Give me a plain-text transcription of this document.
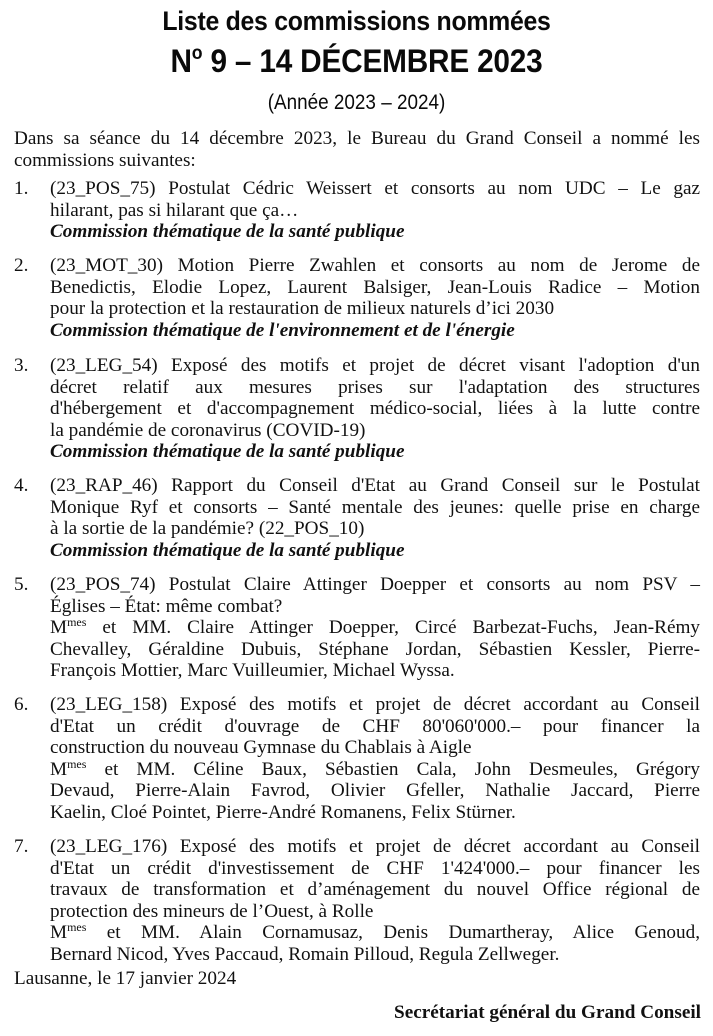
Liste des commissions nommées
$N^o$ 9 – 14 DÉCEMBRE 2023
(Année 2023 – 2024)
Dans sa séance du 14 décembre 2023, le Bureau du Grand Conseil a nommé les
commissions suivantes:
1.	(23_POS_75) Postulat Cédric Weissert et consorts au nom UDC – Le gaz
hilarant, pas si hilarant que ça…
Commission thématique de la santé publique
2.	(23_MOT_30) Motion Pierre Zwahlen et consorts au nom de Jerome de
Benedictis, Elodie Lopez, Laurent Balsiger, Jean-Louis Radice – Motion
pour la protection et la restauration de milieux naturels d’ici 2030
Commission thématique de l'environnement et de l'énergie
3.	(23_LEG_54) Exposé des motifs et projet de décret visant l'adoption d'un
décret relatif aux mesures prises sur l'adaptation des structures
d'hébergement et d'accompagnement médico-social, liées à la lutte contre
la pandémie de coronavirus (COVID-19)
Commission thématique de la santé publique
4.	(23_RAP_46) Rapport du Conseil d'Etat au Grand Conseil sur le Postulat
Monique Ryf et consorts – Santé mentale des jeunes: quelle prise en charge
à la sortie de la pandémie? (22_POS_10)
Commission thématique de la santé publique
5.	(23_POS_74) Postulat Claire Attinger Doepper et consorts au nom PSV –
Églises – État: même combat?
$M^{mes}$ et MM. Claire Attinger Doepper, Circé Barbezat-Fuchs, Jean-Rémy
Chevalley, Géraldine Dubuis, Stéphane Jordan, Sébastien Kessler, Pierre-
François Mottier, Marc Vuilleumier, Michael Wyssa.
6.	(23_LEG_158) Exposé des motifs et projet de décret accordant au Conseil
d'Etat un crédit d'ouvrage de CHF 80'060'000.– pour financer la
construction du nouveau Gymnase du Chablais à Aigle
$M^{mes}$ et MM. Céline Baux, Sébastien Cala, John Desmeules, Grégory
Devaud, Pierre-Alain Favrod, Olivier Gfeller, Nathalie Jaccard, Pierre
Kaelin, Cloé Pointet, Pierre-André Romanens, Felix Stürner.
7.	(23_LEG_176) Exposé des motifs et projet de décret accordant au Conseil
d'Etat un crédit d'investissement de CHF 1'424'000.– pour financer les
travaux de transformation et d’aménagement du nouvel Office régional de
protection des mineurs de l’Ouest, à Rolle
$M^{mes}$ et MM. Alain Cornamusaz, Denis Dumartheray, Alice Genoud,
Bernard Nicod, Yves Paccaud, Romain Pilloud, Regula Zellweger.
Lausanne, le 17 janvier 2024
Secrétariat général du Grand Conseil
